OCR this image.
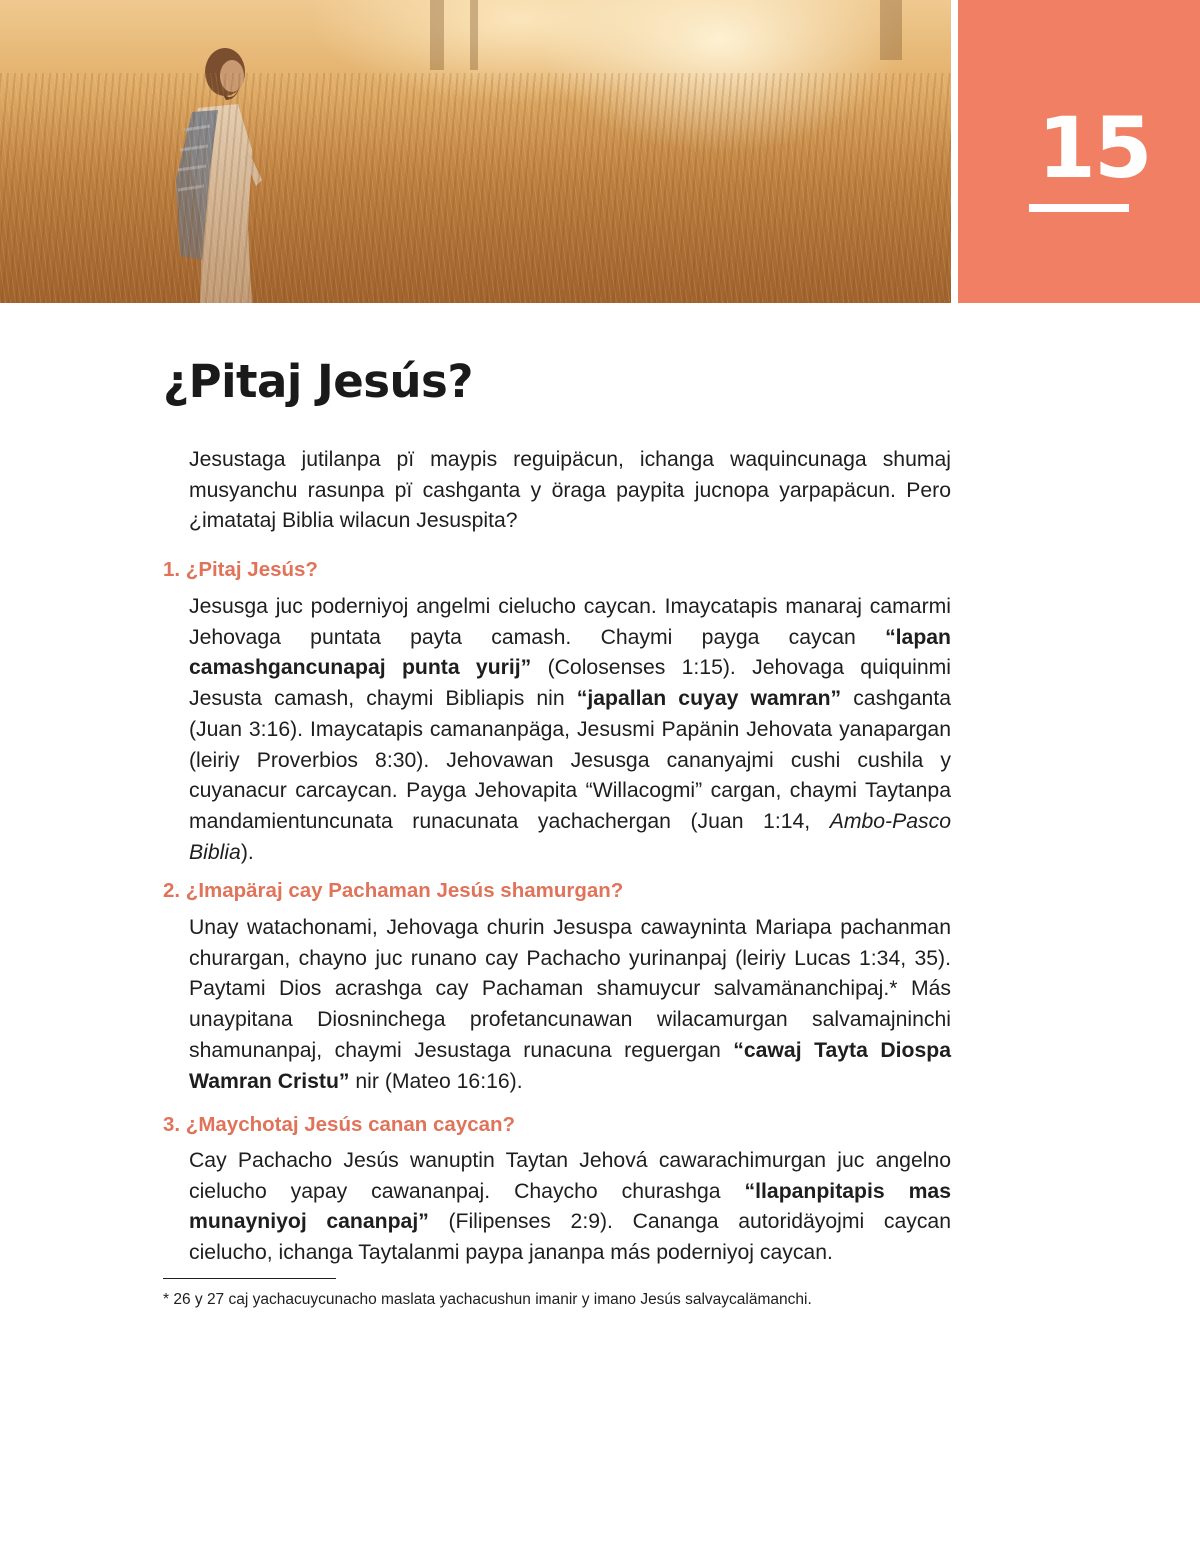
15
¿Pitaj Jesús?

Jesustaga jutilanpa pï maypis reguipäcun, ichanga waquincunaga shumaj musyanchu rasunpa pï cashganta y öraga paypita jucnopa yarpapäcun. Pero ¿imatataj Biblia wilacun Jesuspita?

1. ¿Pitaj Jesús?

Jesusga juc poderniyoj angelmi cielucho caycan. Imaycatapis manaraj camarmi Jehovaga puntata payta camash. Chaymi payga caycan “lapan camashgancunapaj punta yurij” (Colosenses 1:15). Jehovaga quiquinmi Jesusta camash, chaymi Bibliapis nin “japallan cuyay wamran” cashganta (Juan 3:16). Imaycatapis camananpäga, Jesusmi Papänin Jehovata yanapargan (leiriy Proverbios 8:30). Jehovawan Jesusga cananyajmi cushi cushila y cuyanacur carcaycan. Payga Jehovapita “Willacogmi” cargan, chaymi Taytanpa mandamientuncunata runacunata yachachergan (Juan 1:14, Ambo-Pasco Biblia).

2. ¿Imapäraj cay Pachaman Jesús shamurgan?

Unay watachonami, Jehovaga churin Jesuspa cawayninta Mariapa pachanman churargan, chayno juc runano cay Pachacho yurinanpaj (leiriy Lucas 1:34, 35). Paytami Dios acrashga cay Pachaman shamuycur salvamänanchipaj.* Más unaypitana Diosninchega profetancunawan wilacamurgan salvamajninchi shamunanpaj, chaymi Jesustaga runacuna reguergan “cawaj Tayta Diospa Wamran Cristu” nir (Mateo 16:16).

3. ¿Maychotaj Jesús canan caycan?

Cay Pachacho Jesús wanuptin Taytan Jehová cawarachimurgan juc angelno cielucho yapay cawananpaj. Chaycho churashga “llapanpitapis mas munayniyoj cananpaj” (Filipenses 2:9). Cananga autoridäyojmi caycan cielucho, ichanga Taytalanmi paypa jananpa más poderniyoj caycan.

* 26 y 27 caj yachacuycunacho maslata yachacushun imanir y imano Jesús salvaycalämanchi.
